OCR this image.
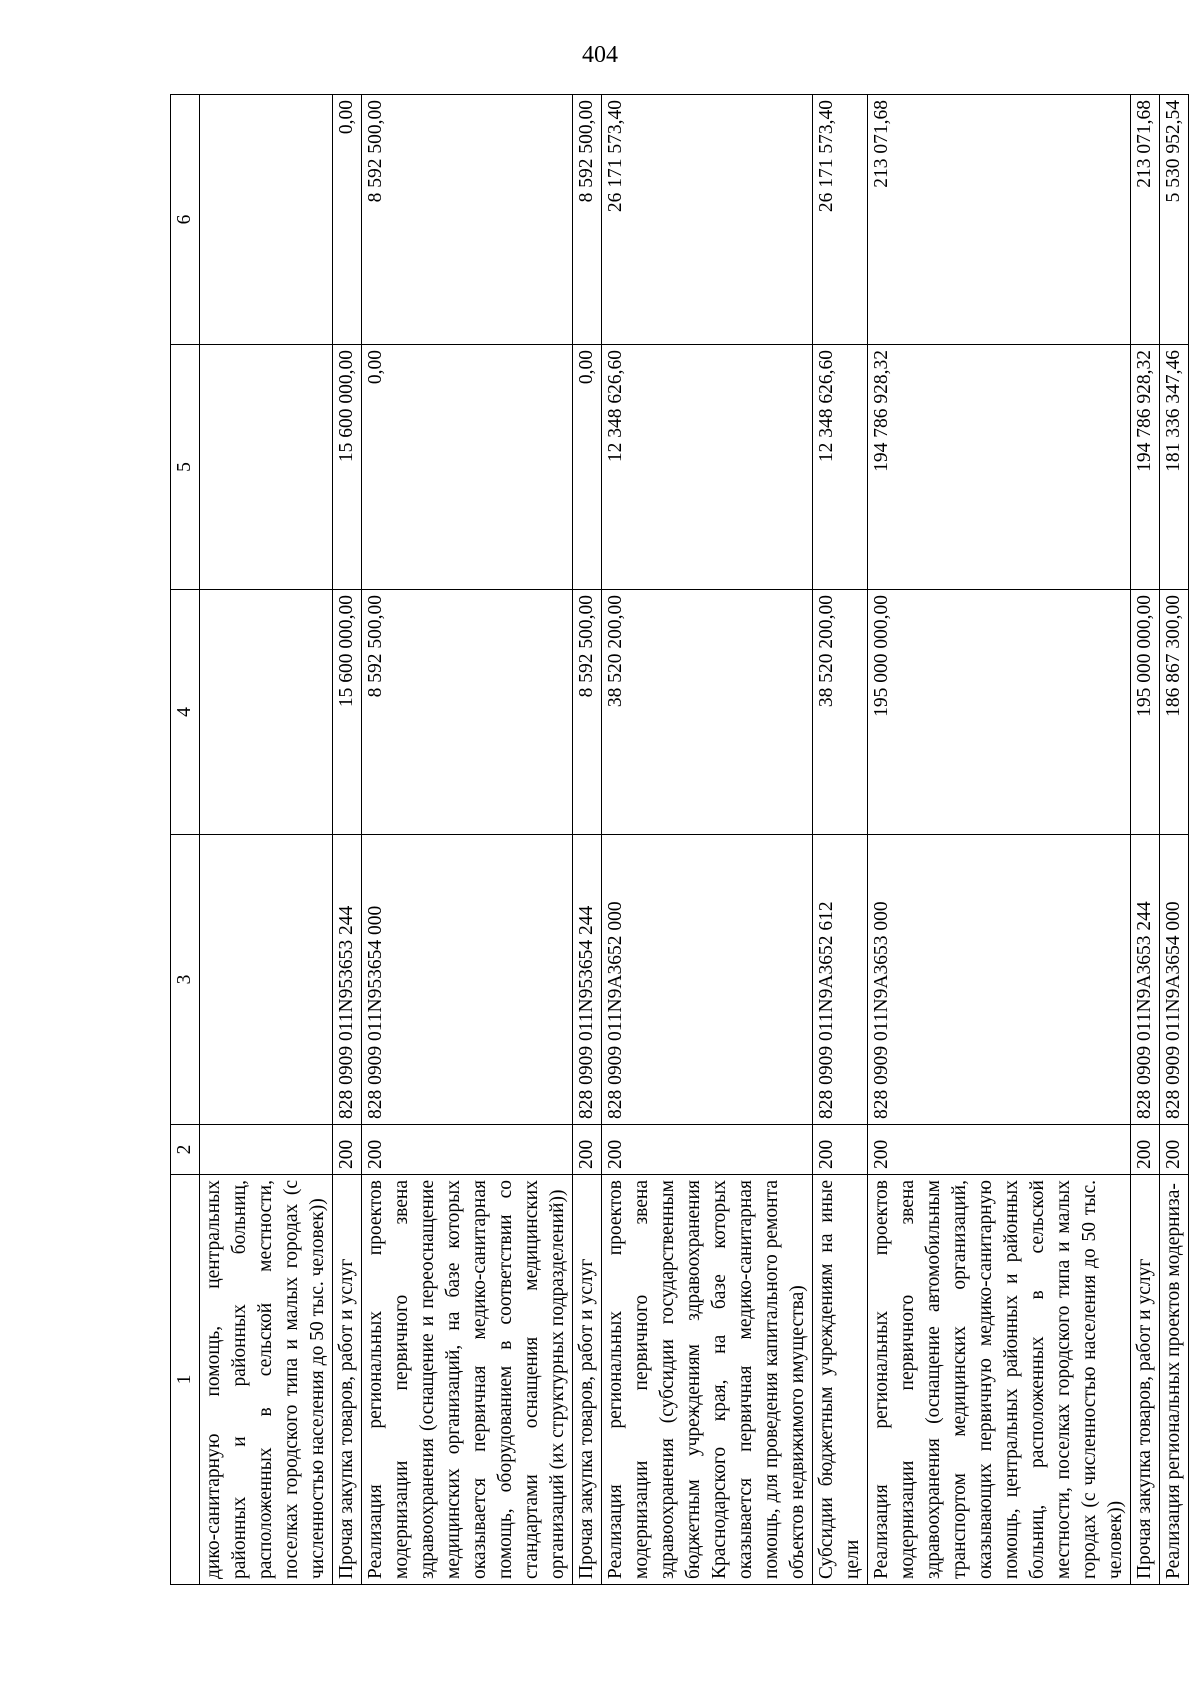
404
1	2	3	4	5	6
дико-санитарную помощь, центральных районных и районных больниц, расположенных в сельской местности, поселках городского типа и малых городах (с численностью населения до 50 тыс. человек))					
Прочая закупка товаров, работ и услуг	200	828 0909 011N953653 244	15 600 000,00	15 600 000,00	0,00
Реализация региональных проектов модернизации первичного звена здравоохранения (оснащение и переоснащение медицинских организаций, на базе которых оказывается первичная медико-санитарная помощь, оборудованием в соответствии со стандартами оснащения медицинских организаций (их структурных подразделений))	200	828 0909 011N953654 000	8 592 500,00	0,00	8 592 500,00
Прочая закупка товаров, работ и услуг	200	828 0909 011N953654 244	8 592 500,00	0,00	8 592 500,00
Реализация региональных проектов модернизации первичного звена здравоохранения (субсидии государственным бюджетным учреждениям здравоохранения Краснодарского края, на базе которых оказывается первичная медико-санитарная помощь, для проведения капитального ремонта объектов недвижимого имущества)	200	828 0909 011N9A3652 000	38 520 200,00	12 348 626,60	26 171 573,40
Субсидии бюджетным учреждениям на иные цели	200	828 0909 011N9A3652 612	38 520 200,00	12 348 626,60	26 171 573,40
Реализация региональных проектов модернизации первичного звена здравоохранения (оснащение автомобильным транспортом медицинских организаций, оказывающих первичную медико-санитарную помощь, центральных районных и районных больниц, расположенных в сельской местности, поселках городского типа и малых городах (с численностью населения до 50 тыс. человек))	200	828 0909 011N9A3653 000	195 000 000,00	194 786 928,32	213 071,68
Прочая закупка товаров, работ и услуг	200	828 0909 011N9A3653 244	195 000 000,00	194 786 928,32	213 071,68
Реализация региональных проектов модерниза-	200	828 0909 011N9A3654 000	186 867 300,00	181 336 347,46	5 530 952,54
